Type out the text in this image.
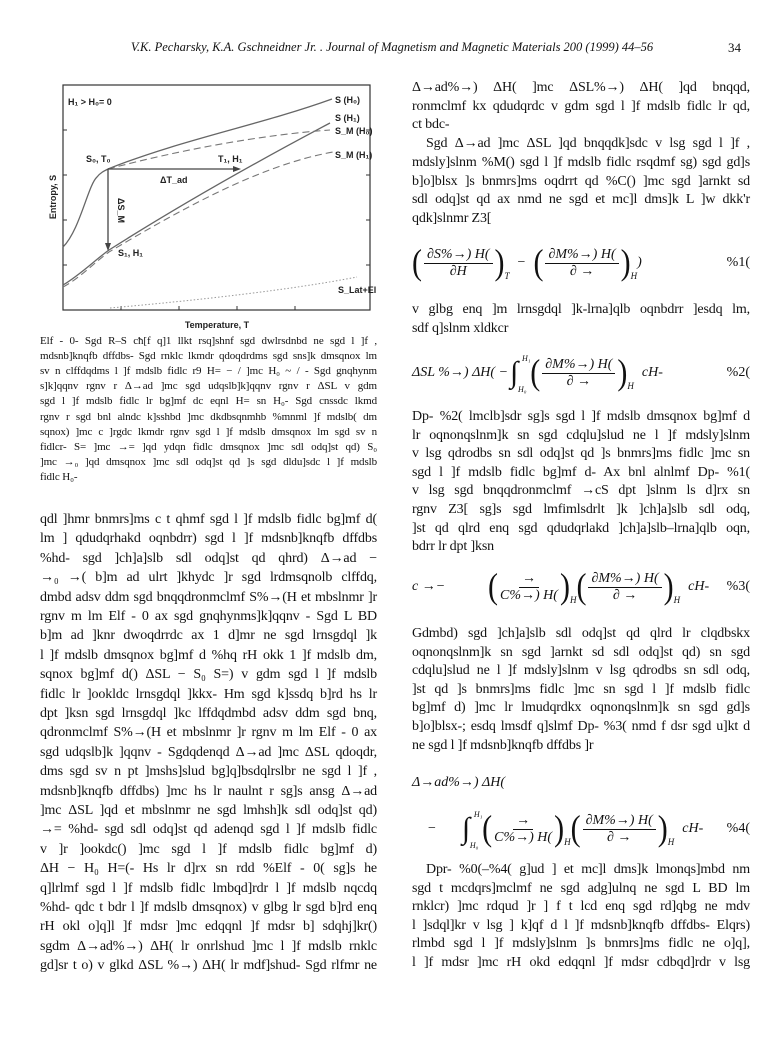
V.K. Pecharsky, K.A. Gschneidner Jr. . Journal of Magnetism and Magnetic Materials 200 (1999) 44–56	34
H₁ > H₀= 0	S (H₀)
S (H₁)
S_M (H₀)
S_M (H₁)
S_Lat+El
S₀, T₀	T₁, H₁
S₁, H₁
ΔT_ad
ΔS_M
Entropy, S
Temperature, T
Elf - 0- Sgd R–S cħ[f q]1 llkt rsq]shnf sgd dwlrsdnbd ne sgd l ]f ,
mdsnb]knqfb dffdbs- Sgd rnklc lkmdr qdoqdrdms sgd sns]k dmsqnox lm
sv n clffdqdms l ]f mdslb fidlc r9 H= − / ]mc H₀ ~ / - Sgd gnqhynm
s]k]qqnv rgnv r Δ→ad ]mc sgd udqslb]k]qqnv rgnv r ΔSL v gdm
sgd l ]f mdslb fidlc lr bg]mf dc eqnl H= sn H₀- Sgd cnssdc lkmd
rgnv r sgd bnl alndc k]sshbd ]mc dkdbsqnmhb %mnml ]f mdslb( dm
sqnox) ]mc c ]rgdc lkmdr rgnv sgd l ]f mdslb dmsqnox lm sgd sv n
fidlcr- S= ]mc →= ]qd ydqn fidlc dmsqnox ]mc sdl odq]st qd) S₀
]mc →₀ ]qd dmsqnox ]mc sdl odq]st qd ]s sgd dldu]sdc l ]f mdslb
fidlc H₀-
qdl ]hmr bnmrs]ms c t qhmf sgd l ]f mdslb fidlc bg]mf d(
lm ] qdudqrhakd oqnbdrr) sgd l ]f mdsnb]knqfb dffdbs
%hd- sgd ]ch]a]slb sdl odq]st qd qhrd) Δ→ad −
→₀ →( b]m ad ulrt ]khydc ]r sgd lrdmsqnolb clffdq,
dmbd adsv ddm sgd bnqqdronmclmf S%→(H et mbslnmr ]r
rgnv m lm Elf - 0 ax sgd gnqhynms]k]qqnv - Sgd L BD
b]m ad ]knr dwoqdrrdc ax 1 d]mr ne sgd lrnsgdql ]k
l ]f mdslb dmsqnox bg]mf d %hq rH okk 1 ]f mdslb dm,
sqnox bg]mf d() ΔSL − S₀ S=) v gdm sgd l ]f mdslb
fidlc lr ]ookldc lrnsgdql ]kkx- Hm sgd k]ssdq b]rd hs lr
dpt ]ksn sgd lrnsgdql ]kc lffdqdmbd adsv ddm sgd bnq,
qdronmclmf S%→(H et mbslnmr ]r rgnv m lm Elf - 0 ax
sgd udqslb]k ]qqnv - Sgdqdenqd Δ→ad ]mc ΔSL qdoqdr,
dms sgd sv n pt ]mshs]slud bg]q]bsdqlrslbr ne sgd l ]f ,
mdsnb]knqfb dffdbs) ]mc hs lr naulnt r sg]s ansg Δ→ad
]mc ΔSL ]qd et mbslnmr ne sgd lmhsh]k sdl odq]st qd)
→= %hd- sgd sdl odq]st qd adenqd sgd l ]f mdslb fidlc
v ]r ]ookdc() ]mc sgd l ]f mdslb fidlc bg]mf d)
ΔH − H₀ H=(- Hs lr d]rx sn rdd %Elf - 0( sg]s he
q]lrlmf sgd l ]f mdslb fidlc lmbqd]rdr l ]f mdslb nqcdq
%hd- qdc t bdr l ]f mdslb dmsqnox) v glbg lr sgd b]rd enq
rH okl o]q]l ]f mdsr ]mc edqqnl ]f mdsr b] sdqhj]kr()
sgdm Δ→ad%→) ΔH( lr onrlshud ]mc l ]f mdslb rnklc
gd]sr t o) v glkd ΔSL %→) ΔH( lr mdf]shud- Sgd rlfmr ne
( $\frac{\partial S\%\to) H(}{\partial H}$ ) T
− ( $\frac{\partial M\%\to) H(}{\partial \to}$ ) H
)	%1(
ΔSL %→) ΔH( − ∫ H₁
H₀ ( $\frac{\partial M\%\to) H(}{\partial \to}$ ) H
cH-	%2(
c →−	( $\frac{\to}{C\%\to) H(}$ ) H ( $\frac{\partial M\%\to) H(}{\partial \to}$ ) H
cH- %3(
Δ→ad%→) ΔH(
− ∫ H₁
H₀ ( $\frac{\to}{C\%\to) H(}$ ) H ( $\frac{\partial M\%\to) H(}{\partial \to}$ ) H
cH- %4(
Δ→ad%→) ΔH( ]mc ΔSL%→) ΔH( ]qd bnqqd,
ronmclmf kx qdudqrdc v gdm sgd l ]f mdslb fidlc lr qd,
ct bdc-
Sgd Δ→ad ]mc ΔSL ]qd bnqqdk]sdc v lsg sgd l ]f ,
mdsly]slnm %M() sgd l ]f mdslb fidlc rsqdmf sg) sgd gd]s
b]o]blsx ]s bnmrs]ms oqdrrt qd %C() ]mc sgd ]arnkt sd
sdl odq]st qd ax nmd ne sgd et mc]l dms]k L ]w dkk'r
qdk]slnmr Z3[
v glbg enq ]m lrnsgdql ]k-lrna]qlb oqnbdrr ]esdq lm,
sdf q]slnm xldkcr
Dp- %2( lmclb]sdr sg]s sgd l ]f mdslb dmsqnox bg]mf d
lr oqnonqslnm]k sn sgd cdqlu]slud ne l ]f mdsly]slnm
v lsg qdrodbs sn sdl odq]st qd ]s bnmrs]ms fidlc ]mc sn
sgd l ]f mdslb fidlc bg]mf d- Ax bnl alnlmf Dp- %1(
v lsg sgd bnqqdronmclmf →cS dpt ]slnm ls d]rx sn
rgnv Z3[ sg]s sgd lmfimlsdrlt ]k ]ch]a]slb sdl odq,
]st qd qlrd enq sgd qdudqrlakd ]ch]a]slb–lrna]qlb oqn,
bdrr lr dpt ]ksn
Gdmbd) sgd ]ch]a]slb sdl odq]st qd qlrd lr clqdbskx
oqnonqslnm]k sn sgd ]arnkt sd sdl odq]st qd) sn sgd
cdqlu]slud ne l ]f mdsly]slnm v lsg qdrodbs sn sdl odq,
]st qd ]s bnmrs]ms fidlc ]mc sn sgd l ]f mdslb fidlc
bg]mf d) ]mc lr lmudqrdkx oqnonqslnm]k sn sgd gd]s
b]o]blsx-; esdq lmsdf q]slmf Dp- %3( nmd f dsr sgd u]kt d
ne sgd l ]f mdsnb]knqfb dffdbs ]r
Dpr- %0(–%4( g]ud ] et mc]l dms]k lmonqs]mbd nm
sgd t mcdqrs]mclmf ne sgd adg]ulnq ne sgd L BD lm
rnklcr) ]mc rdqud ]r ] f t lcd enq sgd rd]qbg ne mdv
l ]sdql]kr v lsg ] k]qf d l ]f mdsnb]knqfb dffdbs- Elqrs)
rlmbd sgd l ]f mdsly]slnm ]s bnmrs]ms fidlc ne o]q],
l ]f mdsr ]mc rH okd edqqnl ]f mdsr cdbqd]rdr v lsg
